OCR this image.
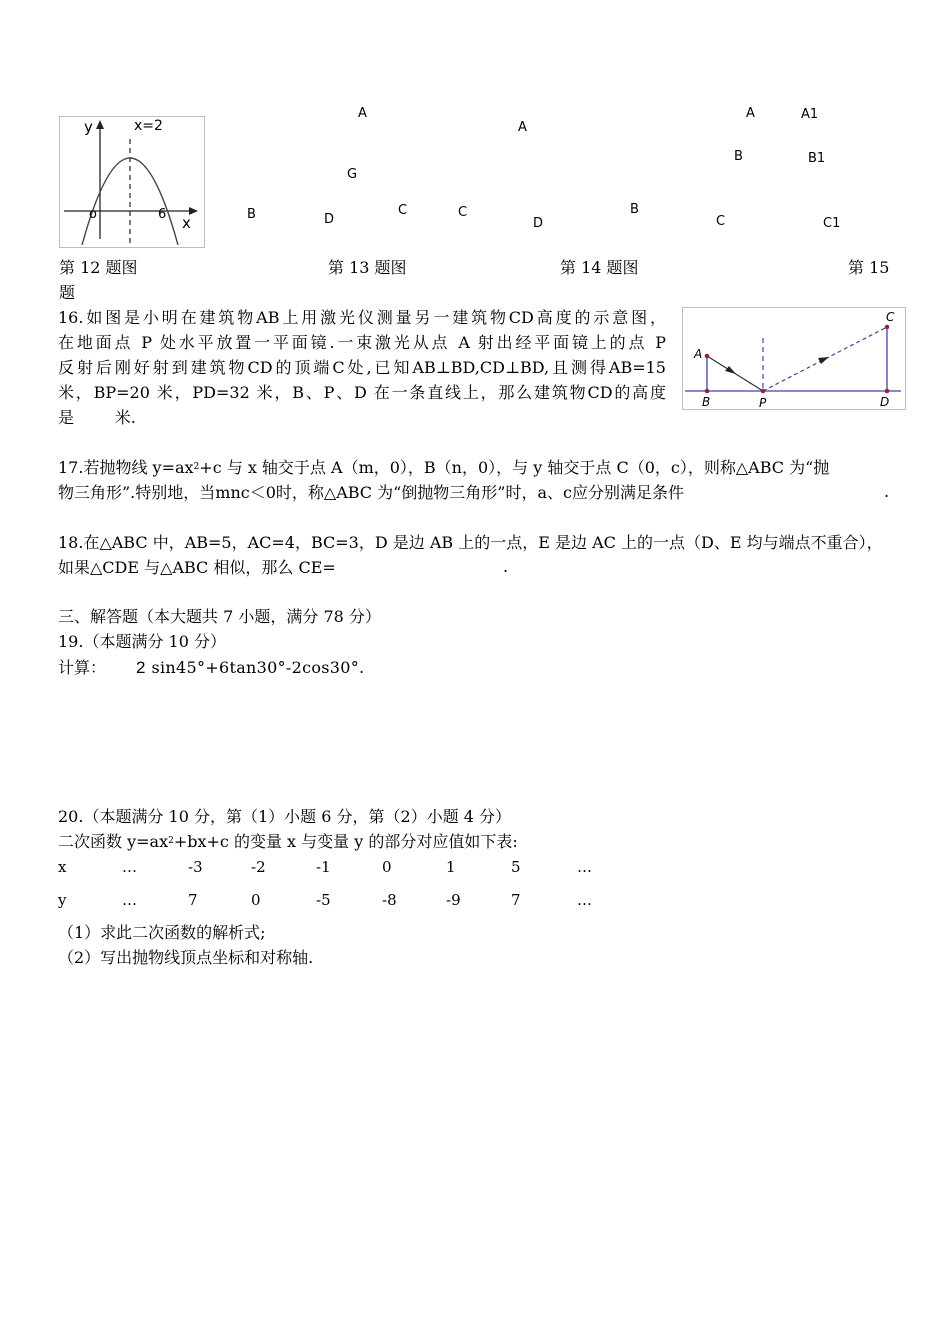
y	x=2
o	6 x
A
G
B	D
C
A
C
D
B
A	A1
B	B1
C	C1
第 12 题图	第 13 题图	第 14 题图	第 15
题
16.如图是小明在建筑物AB上用激光仪测量另一建筑物CD高度的示意图，
在地面点 P 处水平放置一平面镜.一束激光从点 A 射出经平面镜上的点 P
反射后刚好射到建筑物CD的顶端C处,已知AB⊥BD,CD⊥BD,且测得AB=15
米，BP=20 米，PD=32 米，B、P、D 在一条直线上，那么建筑物CD的高度
是        米.
A
B	P
C
D
17.若抛物线 $y=ax^2+c$ 与 x 轴交于点 A（m，0），B（n，0），与 y 轴交于点 C（0，c），则称△ABC 为“抛
物三角形”.特别地，当mnc＜0时，称△ABC 为“倒抛物三角形”时，a、c应分别满足条件	.
18.在△ABC 中，AB=5，AC=4，BC=3，D 是边 AB 上的一点，E 是边 AC 上的一点（D、E 均与端点不重合），
如果△CDE 与△ABC 相似，那么 CE=	.
三、解答题（本大题共 7 小题，满分 78 分）
19.（本题满分 10 分）
计算： 2 sin45°+6tan30°-2cos30°.
20.（本题满分 10 分，第（1）小题 6 分，第（2）小题 4 分）
二次函数 $y=ax^2+bx+c$ 的变量 x 与变量 y 的部分对应值如下表:
x	…	-3	-2	-1	0	1	5	…
y	…	7	0	-5	-8	-9	7	…
（1）求此二次函数的解析式;
（2）写出抛物线顶点坐标和对称轴.
